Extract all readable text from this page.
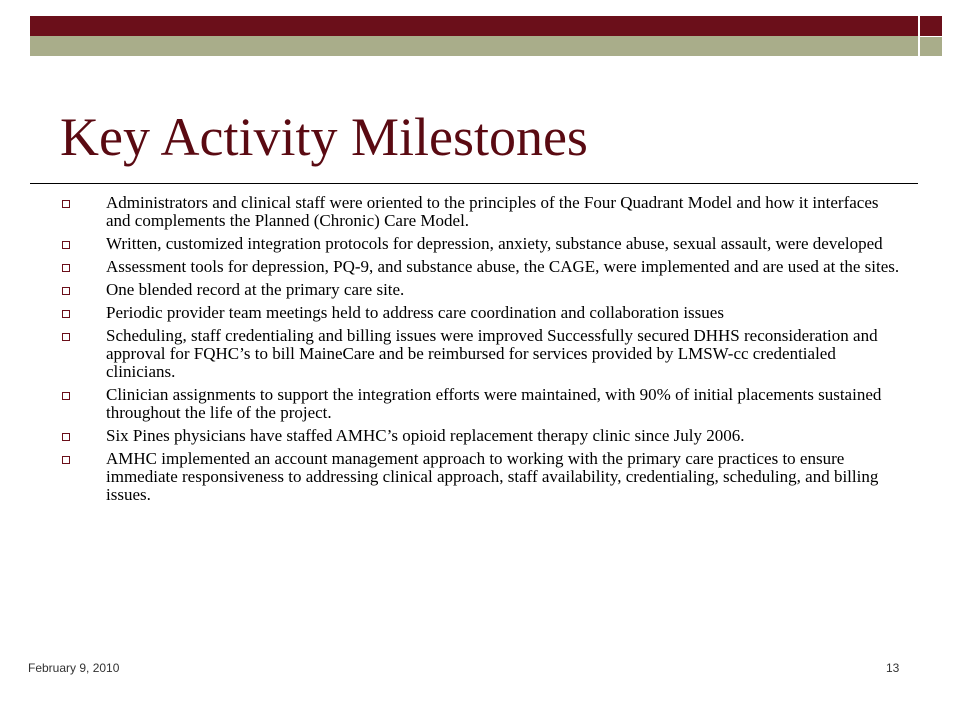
Key Activity Milestones
Administrators and clinical staff were oriented to the principles of the Four Quadrant Model and how it interfaces and complements the Planned (Chronic) Care Model.
Written, customized integration protocols for depression, anxiety, substance abuse, sexual assault, were developed
Assessment tools for depression, PQ-9, and substance abuse, the CAGE, were implemented and are used at the sites.
One blended record at the primary care site.
Periodic provider team meetings held to address care coordination and collaboration issues
Scheduling, staff credentialing and billing issues were improved Successfully secured DHHS reconsideration and approval for FQHC’s to bill MaineCare and be reimbursed for services provided by LMSW-cc credentialed clinicians.
Clinician assignments to support the integration efforts were maintained, with 90% of initial placements sustained throughout the life of the project.
Six Pines physicians have staffed AMHC’s opioid replacement therapy clinic since July 2006.
AMHC implemented an account management approach to working with the primary care practices to ensure immediate responsiveness to addressing clinical approach, staff availability, credentialing, scheduling, and billing issues.
February 9, 2010	13
